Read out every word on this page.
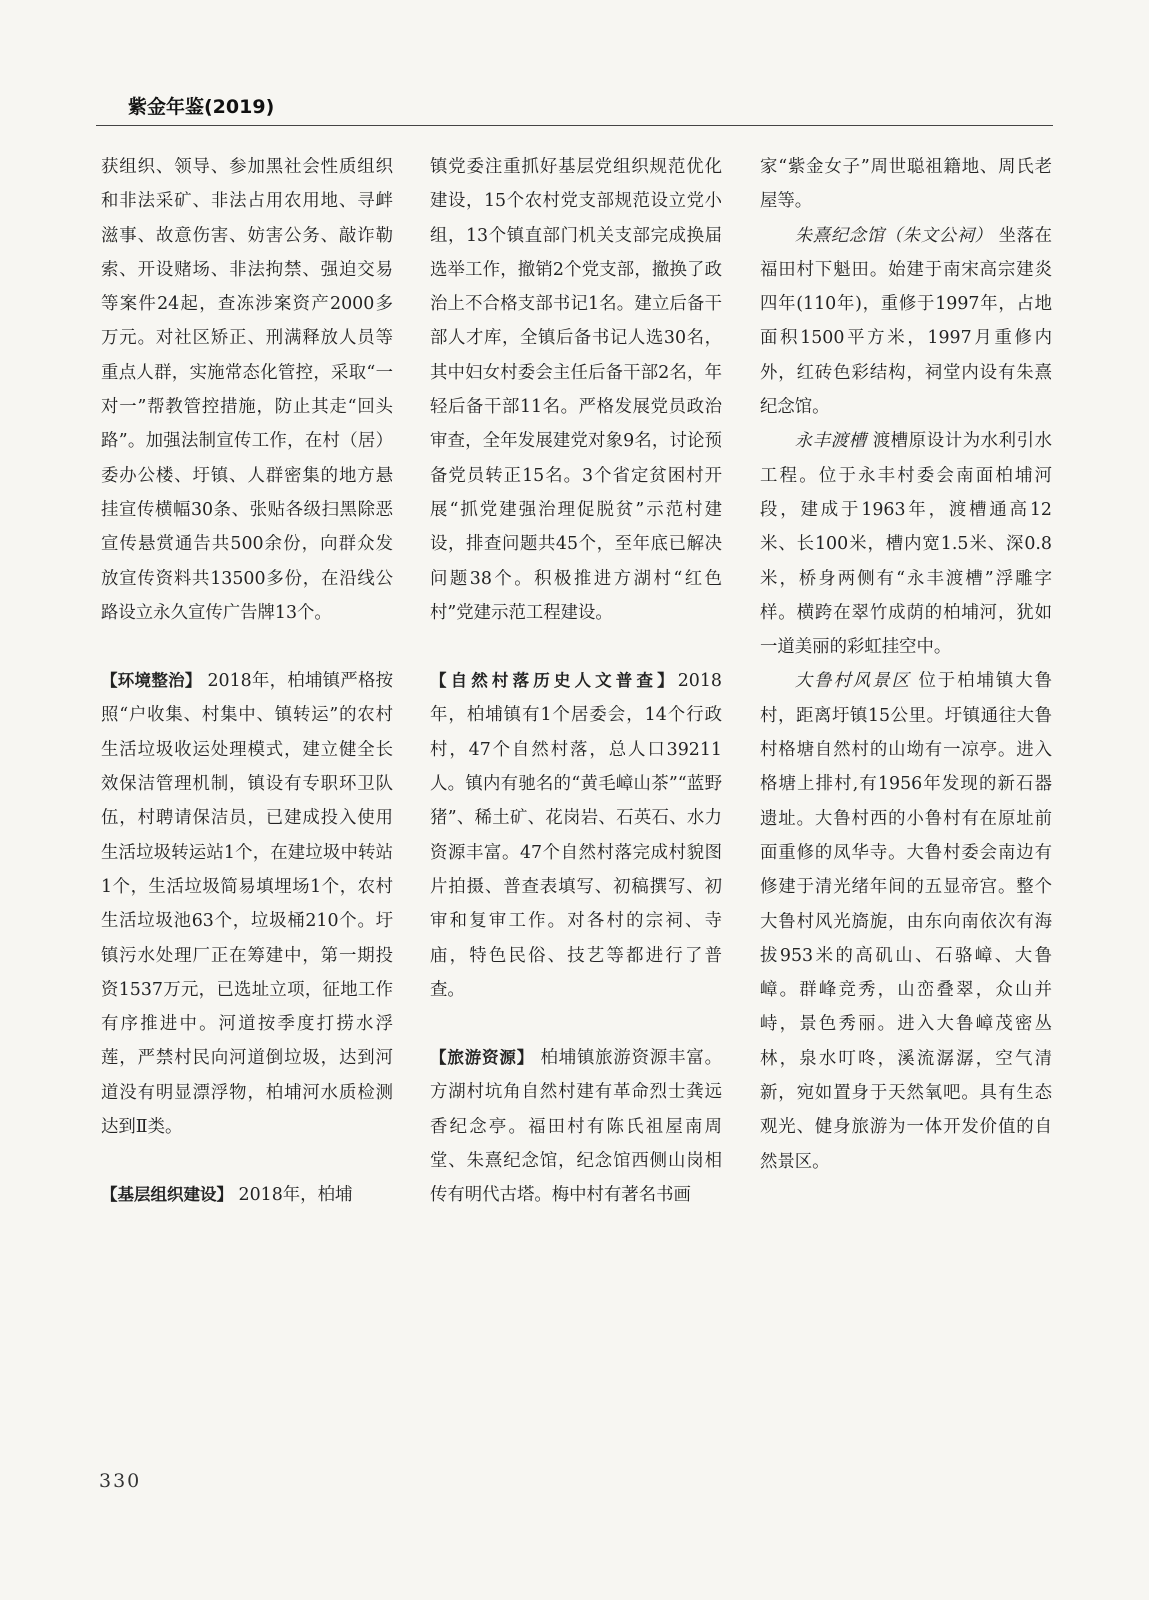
紫金年鉴(2019)

获组织、领导、参加黑社会性质组织和非法采矿、非法占用农用地、寻衅滋事、故意伤害、妨害公务、敲诈勒索、开设赌场、非法拘禁、强迫交易等案件24起，查冻涉案资产2000多万元。对社区矫正、刑满释放人员等重点人群，实施常态化管控，采取“一对一”帮教管控措施，防止其走“回头路”。加强法制宣传工作，在村（居）委办公楼、圩镇、人群密集的地方悬挂宣传横幅30条、张贴各级扫黑除恶宣传悬赏通告共500余份，向群众发放宣传资料共13500多份，在沿线公路设立永久宣传广告牌13个。

【环境整治】 2018年，柏埔镇严格按照“户收集、村集中、镇转运”的农村生活垃圾收运处理模式，建立健全长效保洁管理机制，镇设有专职环卫队伍，村聘请保洁员，已建成投入使用生活垃圾转运站1个，在建垃圾中转站1个，生活垃圾简易填埋场1个，农村生活垃圾池63个，垃圾桶210个。圩镇污水处理厂正在筹建中，第一期投资1537万元，已选址立项，征地工作有序推进中。河道按季度打捞水浮莲，严禁村民向河道倒垃圾，达到河道没有明显漂浮物，柏埔河水质检测达到Ⅱ类。

【基层组织建设】 2018年，柏埔

镇党委注重抓好基层党组织规范优化建设，15个农村党支部规范设立党小组，13个镇直部门机关支部完成换届选举工作，撤销2个党支部，撤换了政治上不合格支部书记1名。建立后备干部人才库，全镇后备书记人选30名，其中妇女村委会主任后备干部2名，年轻后备干部11名。严格发展党员政治审查，全年发展建党对象9名，讨论预备党员转正15名。3个省定贫困村开展“抓党建强治理促脱贫”示范村建设，排查问题共45个，至年底已解决问题38个。积极推进方湖村“红色村”党建示范工程建设。

【自然村落历史人文普查】2018年，柏埔镇有1个居委会，14个行政村，47个自然村落，总人口39211人。镇内有驰名的“黄毛嶂山茶”“蓝野猪”、稀土矿、花岗岩、石英石、水力资源丰富。47个自然村落完成村貌图片拍摄、普查表填写、初稿撰写、初审和复审工作。对各村的宗祠、寺庙，特色民俗、技艺等都进行了普查。

【旅游资源】 柏埔镇旅游资源丰富。方湖村坑角自然村建有革命烈士龚远香纪念亭。福田村有陈氏祖屋南周堂、朱熹纪念馆，纪念馆西侧山岗相传有明代古塔。梅中村有著名书画

家“紫金女子”周世聪祖籍地、周氏老屋等。

朱熹纪念馆（朱文公祠） 坐落在福田村下魁田。始建于南宋高宗建炎四年(110年)，重修于1997年，占地面积1500平方米，1997月重修内外，红砖色彩结构，祠堂内设有朱熹纪念馆。

永丰渡槽 渡槽原设计为水利引水工程。位于永丰村委会南面柏埔河段，建成于1963年，渡槽通高12米、长100米，槽内宽1.5米、深0.8米，桥身两侧有“永丰渡槽”浮雕字样。横跨在翠竹成荫的柏埔河，犹如一道美丽的彩虹挂空中。

大鲁村风景区 位于柏埔镇大鲁村，距离圩镇15公里。圩镇通往大鲁村格塘自然村的山坳有一凉亭。进入格塘上排村,有1956年发现的新石器遗址。大鲁村西的小鲁村有在原址前面重修的凤华寺。大鲁村委会南边有修建于清光绪年间的五显帝宫。整个大鲁村风光旖旎，由东向南依次有海拔953米的高矶山、石骆嶂、大鲁嶂。群峰竞秀，山峦叠翠，众山并峙，景色秀丽。进入大鲁嶂茂密丛林，泉水叮咚，溪流潺潺，空气清新，宛如置身于天然氧吧。具有生态观光、健身旅游为一体开发价值的自然景区。

330
